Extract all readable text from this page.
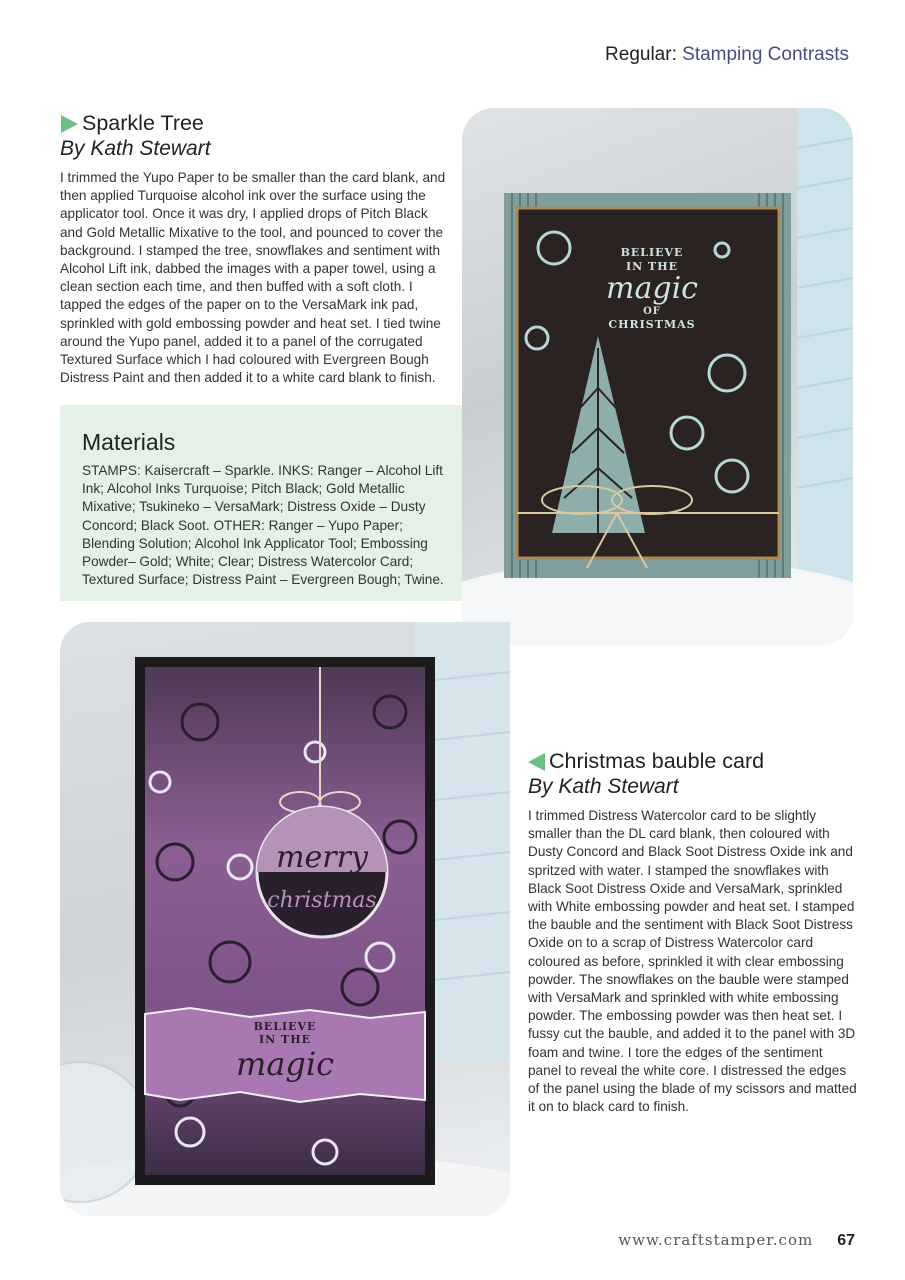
Regular: Stamping Contrasts
Sparkle Tree
By Kath Stewart

I trimmed the Yupo Paper to be smaller than the card blank, and then applied Turquoise alcohol ink over the surface using the applicator tool. Once it was dry, I applied drops of Pitch Black and Gold Metallic Mixative to the tool, and pounced to cover the background. I stamped the tree, snowflakes and sentiment with Alcohol Lift ink, dabbed the images with a paper towel, using a clean section each time, and then buffed with a soft cloth. I tapped the edges of the paper on to the VersaMark ink pad, sprinkled with gold embossing powder and heat set. I tied twine around the Yupo panel, added it to a panel of the corrugated Textured Surface which I had coloured with Evergreen Bough Distress Paint and then added it to a white card blank to finish.

Materials

STAMPS: Kaisercraft – Sparkle. INKS: Ranger – Alcohol Lift Ink; Alcohol Inks Turquoise; Pitch Black; Gold Metallic Mixative; Tsukineko – VersaMark; Distress Oxide – Dusty Concord; Black Soot. OTHER: Ranger – Yupo Paper; Blending Solution; Alcohol Ink Applicator Tool; Embossing Powder– Gold; White; Clear; Distress Watercolor Card; Textured Surface; Distress Paint – Evergreen Bough; Twine.

BELIEVE
IN THE
magic
OF
CHRISTMAS
merry
christmas
BELIEVE
IN THE
magic
Christmas bauble card
By Kath Stewart

I trimmed Distress Watercolor card to be slightly smaller than the DL card blank, then coloured with Dusty Concord and Black Soot Distress Oxide ink and spritzed with water. I stamped the snowflakes with Black Soot Distress Oxide and VersaMark, sprinkled with White embossing powder and heat set. I stamped the bauble and the sentiment with Black Soot Distress Oxide on to a scrap of Distress Watercolor card coloured as before, sprinkled it with clear embossing powder. The snowflakes on the bauble were stamped with VersaMark and sprinkled with white embossing powder. The embossing powder was then heat set. I fussy cut the bauble, and added it to the panel with 3D foam and twine. I tore the edges of the sentiment panel to reveal the white core. I distressed the edges of the panel using the blade of my scissors and matted it on to black card to finish.

www.craftstamper.com 67
